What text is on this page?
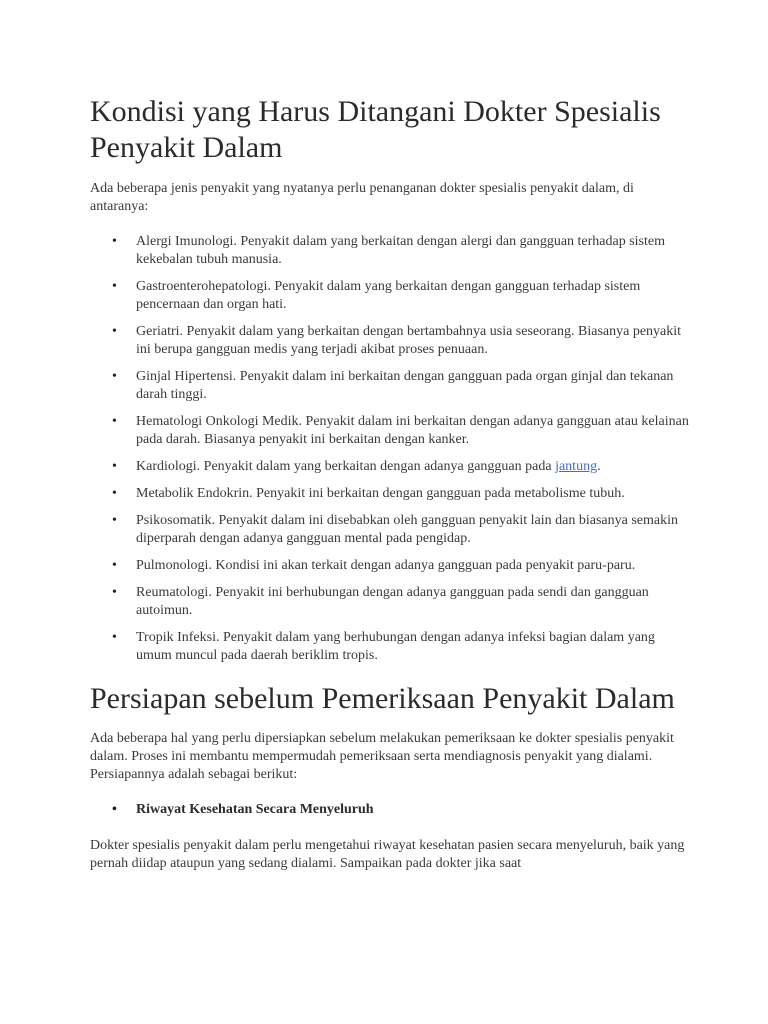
Kondisi yang Harus Ditangani Dokter Spesialis Penyakit Dalam

Ada beberapa jenis penyakit yang nyatanya perlu penanganan dokter spesialis penyakit dalam, di antaranya:

• Alergi Imunologi. Penyakit dalam yang berkaitan dengan alergi dan gangguan terhadap sistem kekebalan tubuh manusia.
• Gastroenterohepatologi. Penyakit dalam yang berkaitan dengan gangguan terhadap sistem pencernaan dan organ hati.
• Geriatri. Penyakit dalam yang berkaitan dengan bertambahnya usia seseorang. Biasanya penyakit ini berupa gangguan medis yang terjadi akibat proses penuaan.
• Ginjal Hipertensi. Penyakit dalam ini berkaitan dengan gangguan pada organ ginjal dan tekanan darah tinggi.
• Hematologi Onkologi Medik. Penyakit dalam ini berkaitan dengan adanya gangguan atau kelainan pada darah. Biasanya penyakit ini berkaitan dengan kanker.
• Kardiologi. Penyakit dalam yang berkaitan dengan adanya gangguan pada jantung.
• Metabolik Endokrin. Penyakit ini berkaitan dengan gangguan pada metabolisme tubuh.
• Psikosomatik. Penyakit dalam ini disebabkan oleh gangguan penyakit lain dan biasanya semakin diperparah dengan adanya gangguan mental pada pengidap.
• Pulmonologi. Kondisi ini akan terkait dengan adanya gangguan pada penyakit paru-paru.
• Reumatologi. Penyakit ini berhubungan dengan adanya gangguan pada sendi dan gangguan autoimun.
• Tropik Infeksi. Penyakit dalam yang berhubungan dengan adanya infeksi bagian dalam yang umum muncul pada daerah beriklim tropis.
Persiapan sebelum Pemeriksaan Penyakit Dalam

Ada beberapa hal yang perlu dipersiapkan sebelum melakukan pemeriksaan ke dokter spesialis penyakit dalam. Proses ini membantu mempermudah pemeriksaan serta mendiagnosis penyakit yang dialami. Persiapannya adalah sebagai berikut:

• Riwayat Kesehatan Secara Menyeluruh

Dokter spesialis penyakit dalam perlu mengetahui riwayat kesehatan pasien secara menyeluruh, baik yang pernah diidap ataupun yang sedang dialami. Sampaikan pada dokter jika saat
